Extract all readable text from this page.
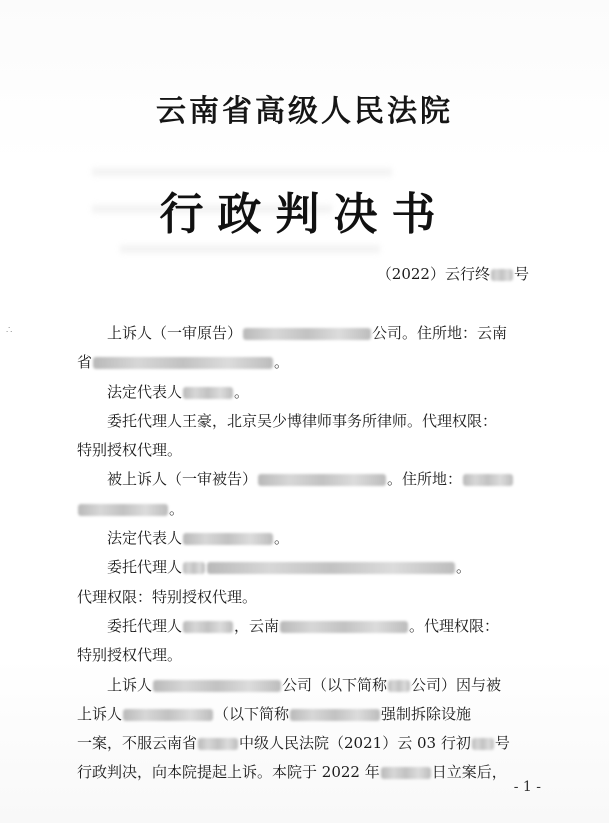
∴
云南省高级人民法院
行政判决书
（2022）云行终 号
上诉人（一审原告）	公司。住所地：云南
省	。
法定代表人	。
委托代理人王豪，北京吴少博律师事务所律师。代理权限：
特别授权代理。
被上诉人（一审被告）	。住所地：
。
法定代表人	。
委托代理人	。
代理权限：特别授权代理。
委托代理人	，云南	。代理权限：
特别授权代理。
上诉人	公司（以下简称 公司）因与被
上诉人	（以下简称	强制拆除设施
一案，不服云南省	中级人民法院（2021）云 03 行初 号
行政判决，向本院提起上诉。本院于 2022 年	日立案后，
- 1 -
